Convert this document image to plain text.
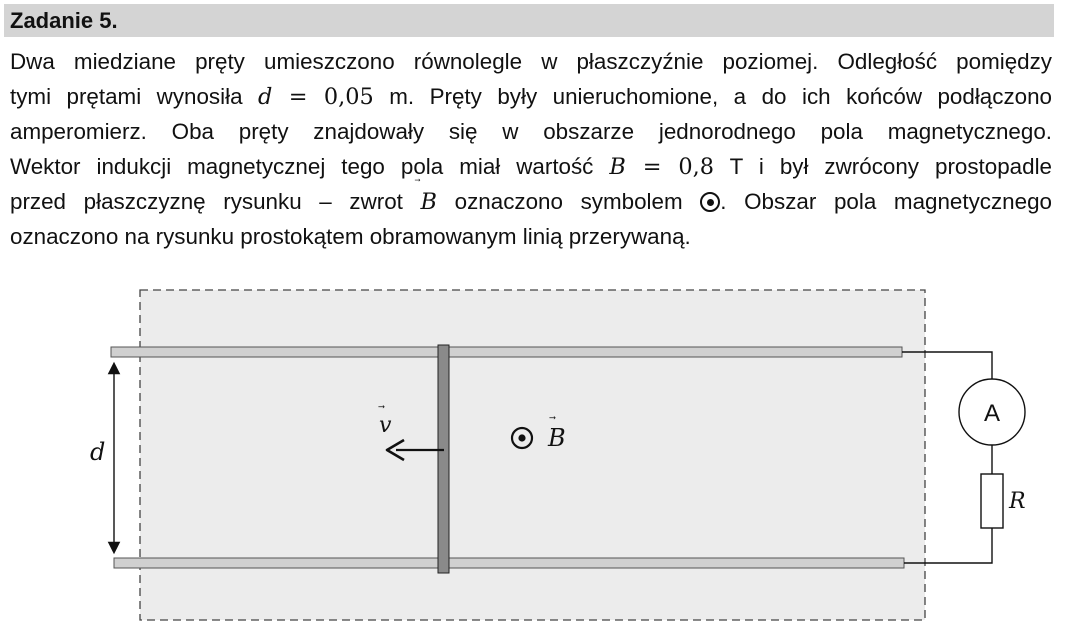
Zadanie 5.
Dwa miedziane pręty umieszczono równolegle w płaszczyźnie poziomej. Odległość pomiędzy
tymi prętami wynosiła d = 0,05 m. Pręty były unieruchomione, a do ich końców podłączono
amperomierz. Oba pręty znajdowały się w obszarze jednorodnego pola magnetycznego.
Wektor indukcji magnetycznej tego pola miał wartość B = 0,8 T i był zwrócony prostopadle
przed płaszczyznę rysunku – zwrot
B oznaczono symbolem . Obszar pola magnetycznego
oznaczono na rysunku prostokątem obramowanym linią przerywaną.
A
R
d
v	B
